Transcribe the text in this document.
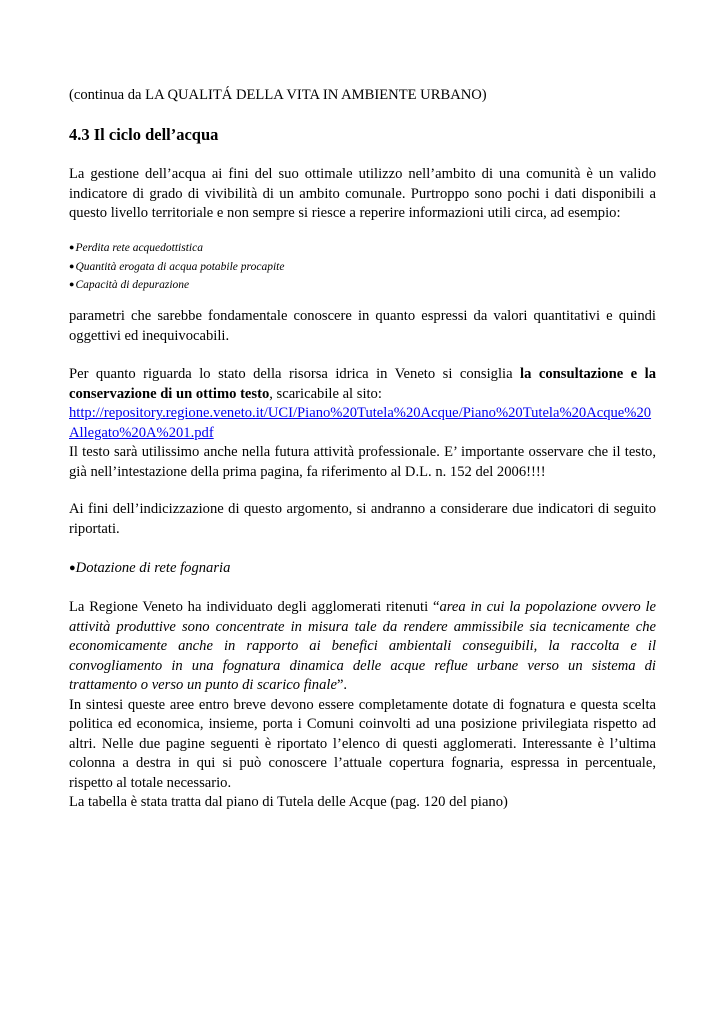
(continua da LA QUALITÁ DELLA VITA IN AMBIENTE URBANO)

4.3 Il ciclo dell’acqua

La gestione dell’acqua ai fini del suo ottimale utilizzo nell’ambito di una comunità è un valido indicatore di grado di vivibilità di un ambito comunale. Purtroppo sono pochi i dati disponibili a questo livello territoriale e non sempre si riesce a reperire informazioni utili circa, ad esempio:

●Perdita rete acquedottistica
●Quantità erogata di acqua potabile procapite
●Capacità di depurazione

parametri che sarebbe fondamentale conoscere in quanto espressi da valori quantitativi e quindi oggettivi ed inequivocabili.

Per quanto riguarda lo stato della risorsa idrica in Veneto si consiglia la consultazione e la conservazione di un ottimo testo, scaricabile al sito:

http://repository.regione.veneto.it/UCI/Piano%20Tutela%20Acque/Piano%20Tutela%20Acque%20Allegato%20A%201.pdf

Il testo sarà utilissimo anche nella futura attività professionale. E’ importante osservare che il testo, già nell’intestazione della prima pagina, fa riferimento al D.L. n. 152 del 2006!!!!

Ai fini dell’indicizzazione di questo argomento, si andranno a considerare due indicatori di seguito riportati.

●Dotazione di rete fognaria

La Regione Veneto ha individuato degli agglomerati ritenuti “area in cui la popolazione ovvero le attività produttive sono concentrate in misura tale da rendere ammissibile sia tecnicamente che economicamente anche in rapporto ai benefici ambientali conseguibili, la raccolta e il convogliamento in una fognatura dinamica delle acque reflue urbane verso un sistema di trattamento o verso un punto di scarico finale”.

In sintesi queste aree entro breve devono essere completamente dotate di fognatura e questa scelta politica ed economica, insieme, porta i Comuni coinvolti ad una posizione privilegiata rispetto ad altri. Nelle due pagine seguenti è riportato l’elenco di questi agglomerati. Interessante è l’ultima colonna a destra in qui si può conoscere l’attuale copertura fognaria, espressa in percentuale, rispetto al totale necessario.

La tabella è stata tratta dal piano di Tutela delle Acque (pag. 120 del piano)
